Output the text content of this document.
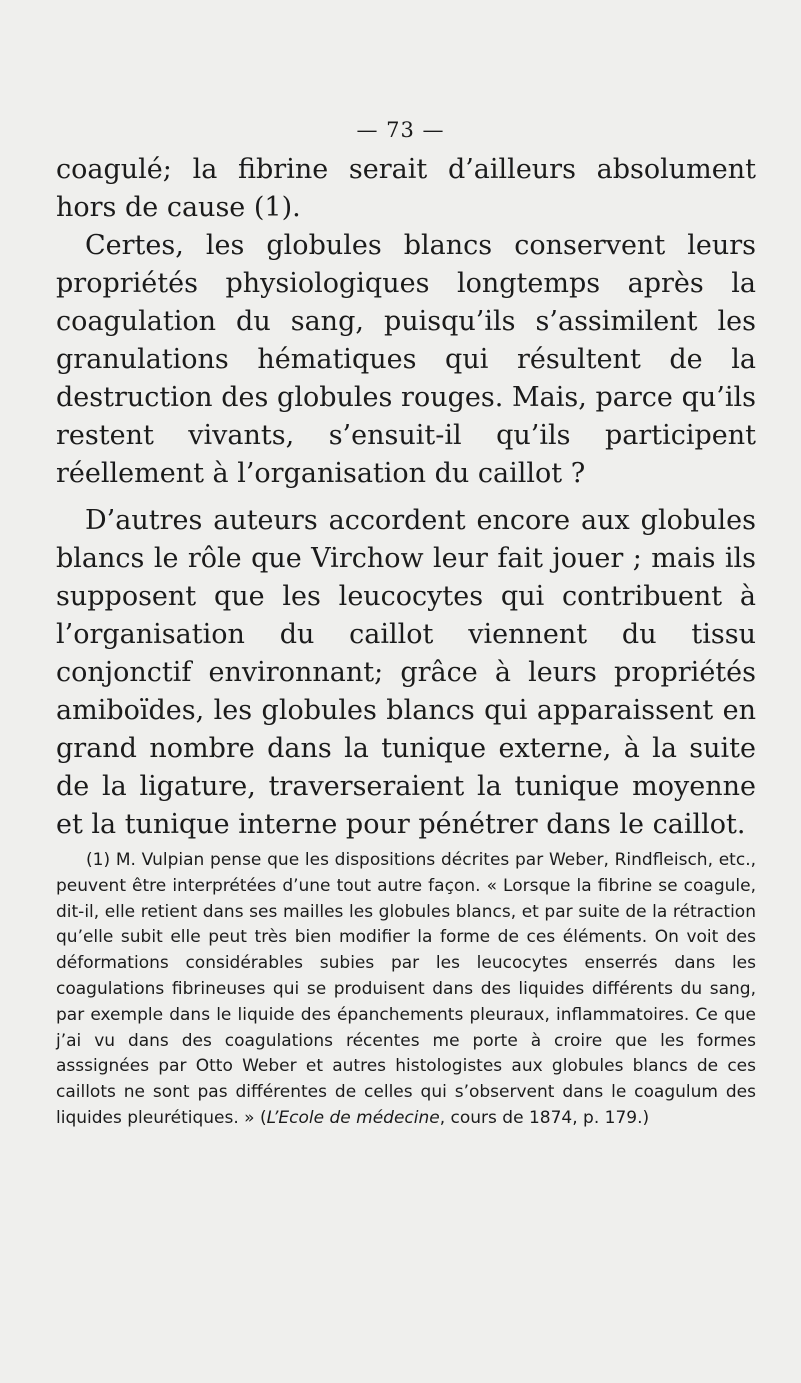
— 73 —

coagulé; la fibrine serait d’ailleurs absolument hors de cause (1).

Certes, les globules blancs conservent leurs propriétés physiologiques longtemps après la coagulation du sang, puisqu’ils s’assimilent les granulations hématiques qui résultent de la destruction des globules rouges. Mais, parce qu’ils restent vivants, s’ensuit-il qu’ils participent réellement à l’organisation du caillot ?

D’autres auteurs accordent encore aux globules blancs le rôle que Virchow leur fait jouer ; mais ils supposent que les leucocytes qui contribuent à l’organisation du caillot viennent du tissu conjonctif environnant; grâce à leurs propriétés amiboïdes, les globules blancs qui apparaissent en grand nombre dans la tunique externe, à la suite de la ligature, traverseraient la tunique moyenne et la tunique interne pour pénétrer dans le caillot.

(1) M. Vulpian pense que les dispositions décrites par Weber, Rindfleisch, etc., peuvent être interprétées d’une tout autre façon. « Lorsque la fibrine se coagule, dit-il, elle retient dans ses mailles les globules blancs, et par suite de la rétraction qu’elle subit elle peut très bien modifier la forme de ces éléments. On voit des déformations considérables subies par les leucocytes enserrés dans les coagulations fibrineuses qui se produisent dans des liquides différents du sang, par exemple dans le liquide des épanchements pleuraux, inflammatoires. Ce que j’ai vu dans des coagulations récentes me porte à croire que les formes asssignées par Otto Weber et autres histologistes aux globules blancs de ces caillots ne sont pas différentes de celles qui s’observent dans le coagulum des liquides pleurétiques. » (L’Ecole de médecine, cours de 1874, p. 179.)
